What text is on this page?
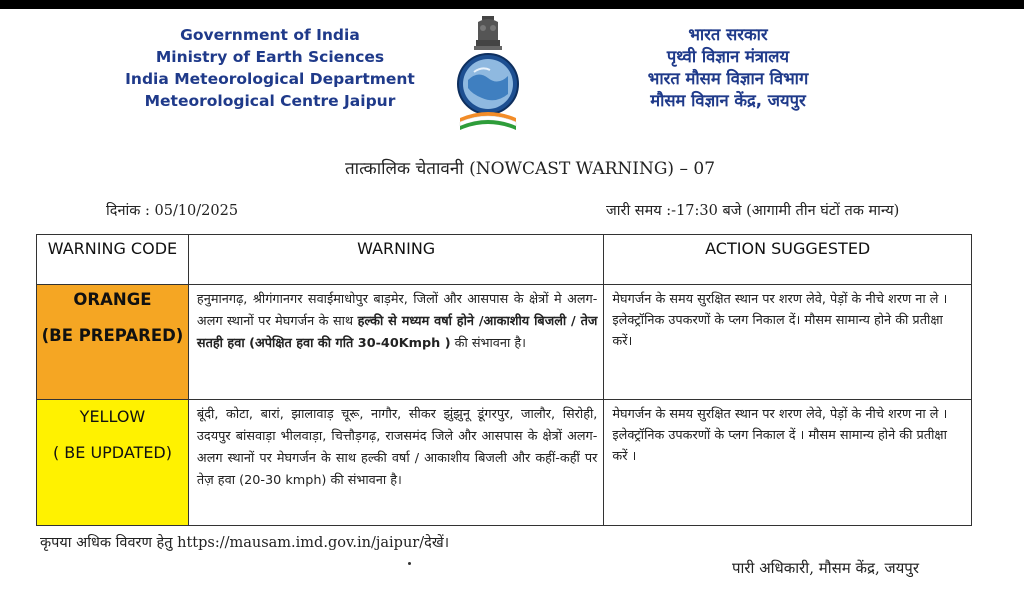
Government of India
Ministry of Earth Sciences
India Meteorological Department
Meteorological Centre Jaipur
भारत सरकार
पृथ्वी विज्ञान मंत्रालय
भारत मौसम विज्ञान विभाग
मौसम विज्ञान केंद्र, जयपुर
तात्कालिक चेतावनी (NOWCAST WARNING) – 07
दिनांक : 05/10/2025	जारी समय :-17:30 बजे (आगामी तीन घंटों तक मान्य)
WARNING CODE	WARNING	ACTION SUGGESTED

ORANGE
(BE PREPARED)	हनुमानगढ़, श्रीगंगानगर सवाईमाधोपुर बाड़मेर, जिलों और आसपास के क्षेत्रों मे अलग-अलग स्थानों पर मेघगर्जन के साथ हल्की से मध्यम वर्षा होने /आकाशीय बिजली / तेज सतही हवा (अपेक्षित हवा की गति 30-40Kmph ) की संभावना है।	मेघगर्जन के समय सुरक्षित स्थान पर शरण लेवे, पेड़ों के नीचे शरण ना ले । इलेक्ट्रॉनिक उपकरणों के प्लग निकाल दें। मौसम सामान्य होने की प्रतीक्षा करें।

YELLOW
( BE UPDATED)	बूंदी, कोटा, बारां, झालावाड़ चूरू, नागौर, सीकर झुंझुनू डूंगरपुर, जालौर, सिरोही, उदयपुर बांसवाड़ा भीलवाड़ा, चित्तौड़गढ़, राजसमंद जिले और आसपास के क्षेत्रों अलग-अलग स्थानों पर मेघगर्जन के साथ हल्की वर्षा / आकाशीय बिजली और कहीं-कहीं पर तेज़ हवा (20-30 kmph) की संभावना है।	मेघगर्जन के समय सुरक्षित स्थान पर शरण लेवे, पेड़ों के नीचे शरण ना ले । इलेक्ट्रॉनिक उपकरणों के प्लग निकाल दें । मौसम सामान्य होने की प्रतीक्षा करें ।
कृपया अधिक विवरण हेतु https://mausam.imd.gov.in/jaipur/देखें।
पारी अधिकारी, मौसम केंद्र, जयपुर
